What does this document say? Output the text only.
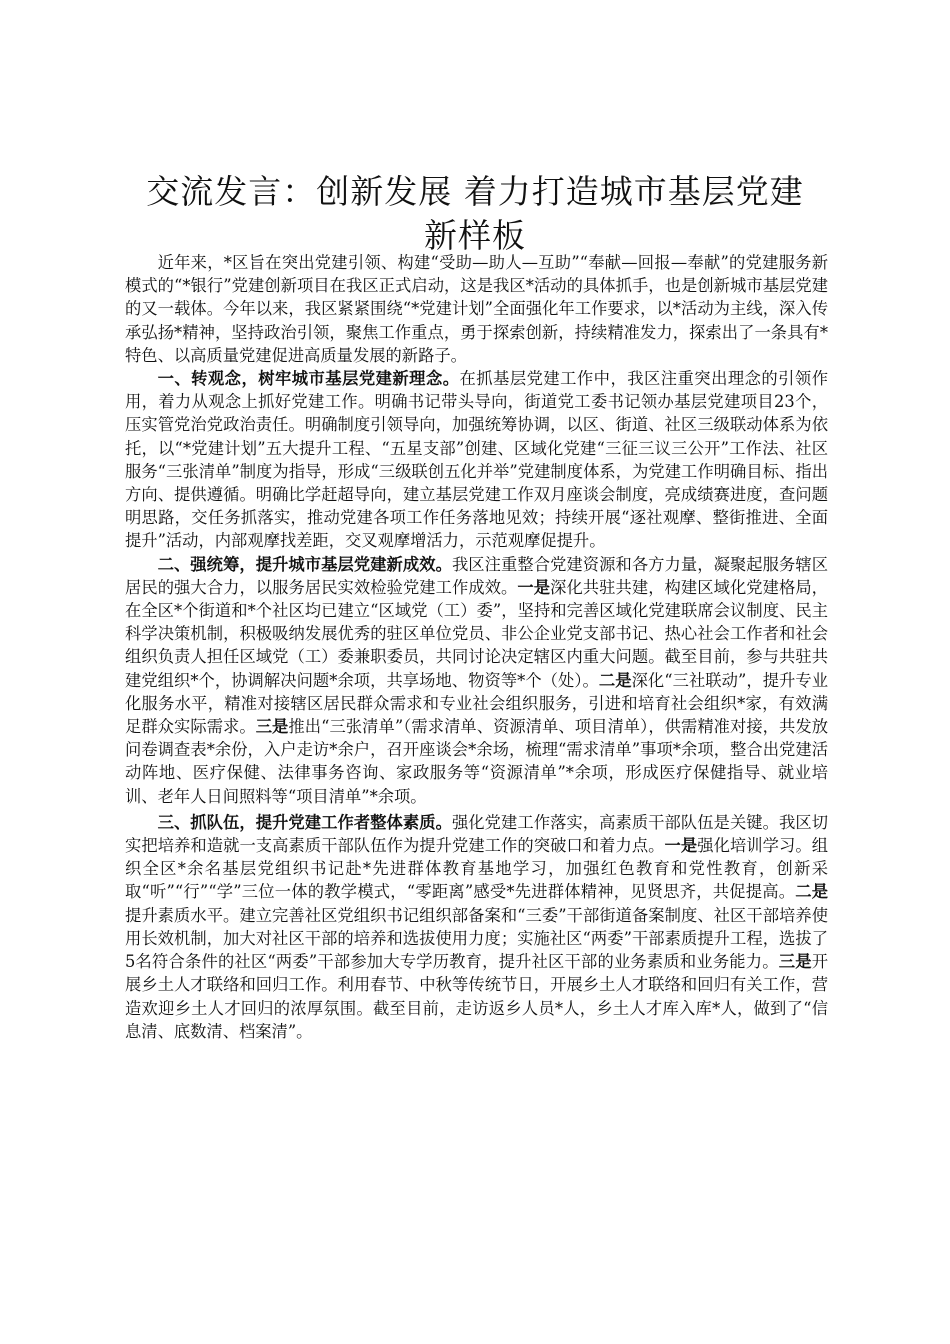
交流发言：创新发展 着力打造城市基层党建
新样板

近年来，*区旨在突出党建引领、构建“受助—助人—互助”“奉献—回报—奉献”的党建服务新模式的“*银行”党建创新项目在我区正式启动，这是我区*活动的具体抓手，也是创新城市基层党建的又一载体。今年以来，我区紧紧围绕“*党建计划”全面强化年工作要求，以*活动为主线，深入传承弘扬*精神，坚持政治引领，聚焦工作重点，勇于探索创新，持续精准发力，探索出了一条具有*特色、以高质量党建促进高质量发展的新路子。

一、转观念，树牢城市基层党建新理念。在抓基层党建工作中，我区注重突出理念的引领作用，着力从观念上抓好党建工作。明确书记带头导向，街道党工委书记领办基层党建项目23个，压实管党治党政治责任。明确制度引领导向，加强统筹协调，以区、街道、社区三级联动体系为依托，以“*党建计划”五大提升工程、“五星支部”创建、区域化党建“三征三议三公开”工作法、社区服务“三张清单”制度为指导，形成“三级联创五化并举”党建制度体系，为党建工作明确目标、指出方向、提供遵循。明确比学赶超导向，建立基层党建工作双月座谈会制度，亮成绩赛进度，查问题明思路，交任务抓落实，推动党建各项工作任务落地见效；持续开展“逐社观摩、整街推进、全面提升”活动，内部观摩找差距，交叉观摩增活力，示范观摩促提升。

二、强统筹，提升城市基层党建新成效。我区注重整合党建资源和各方力量，凝聚起服务辖区居民的强大合力，以服务居民实效检验党建工作成效。一是深化共驻共建，构建区域化党建格局，在全区*个街道和*个社区均已建立“区域党（工）委”，坚持和完善区域化党建联席会议制度、民主科学决策机制，积极吸纳发展优秀的驻区单位党员、非公企业党支部书记、热心社会工作者和社会组织负责人担任区域党（工）委兼职委员，共同讨论决定辖区内重大问题。截至目前，参与共驻共建党组织*个，协调解决问题*余项，共享场地、物资等*个（处）。二是深化“三社联动”，提升专业化服务水平，精准对接辖区居民群众需求和专业社会组织服务，引进和培育社会组织*家，有效满足群众实际需求。三是推出“三张清单”（需求清单、资源清单、项目清单），供需精准对接，共发放问卷调查表*余份，入户走访*余户，召开座谈会*余场，梳理“需求清单”事项*余项，整合出党建活动阵地、医疗保健、法律事务咨询、家政服务等“资源清单”*余项，形成医疗保健指导、就业培训、老年人日间照料等“项目清单”*余项。

三、抓队伍，提升党建工作者整体素质。强化党建工作落实，高素质干部队伍是关键。我区切实把培养和造就一支高素质干部队伍作为提升党建工作的突破口和着力点。一是强化培训学习。组织全区*余名基层党组织书记赴*先进群体教育基地学习，加强红色教育和党性教育，创新采取“听”“行”“学”三位一体的教学模式，“零距离”感受*先进群体精神，见贤思齐，共促提高。二是提升素质水平。建立完善社区党组织书记组织部备案和“三委”干部街道备案制度、社区干部培养使用长效机制，加大对社区干部的培养和选拔使用力度；实施社区“两委”干部素质提升工程，选拔了5名符合条件的社区“两委”干部参加大专学历教育，提升社区干部的业务素质和业务能力。三是开展乡土人才联络和回归工作。利用春节、中秋等传统节日，开展乡土人才联络和回归有关工作，营造欢迎乡土人才回归的浓厚氛围。截至目前，走访返乡人员*人，乡土人才库入库*人，做到了“信息清、底数清、档案清”。
